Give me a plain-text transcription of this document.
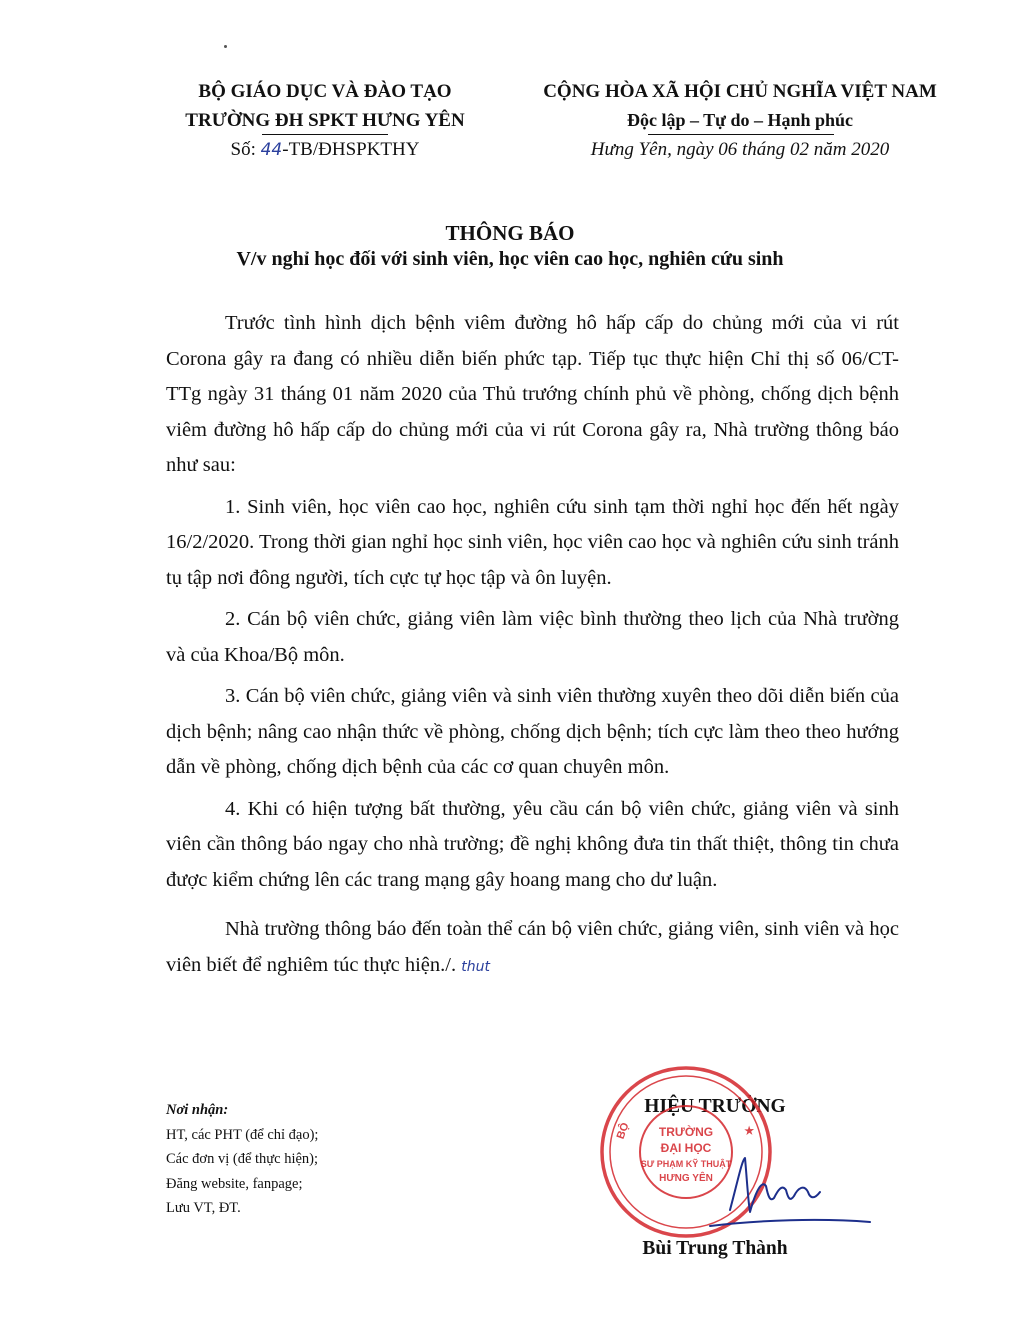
BỘ GIÁO DỤC VÀ ĐÀO TẠO
TRƯỜNG ĐH SPKT HƯNG YÊN
Số: 44-TB/ĐHSPKTHY
CỘNG HÒA XÃ HỘI CHỦ NGHĨA VIỆT NAM
Độc lập – Tự do – Hạnh phúc
Hưng Yên, ngày 06 tháng 02 năm 2020
THÔNG BÁO
V/v nghỉ học đối với sinh viên, học viên cao học, nghiên cứu sinh

Trước tình hình dịch bệnh viêm đường hô hấp cấp do chủng mới của vi rút Corona gây ra đang có nhiều diễn biến phức tạp. Tiếp tục thực hiện Chỉ thị số 06/CT-TTg ngày 31 tháng 01 năm 2020 của Thủ trướng chính phủ về phòng, chống dịch bệnh viêm đường hô hấp cấp do chủng mới của vi rút Corona gây ra, Nhà trường thông báo như sau:

1. Sinh viên, học viên cao học, nghiên cứu sinh tạm thời nghỉ học đến hết ngày 16/2/2020. Trong thời gian nghỉ học sinh viên, học viên cao học và nghiên cứu sinh tránh tụ tập nơi đông người, tích cực tự học tập và ôn luyện.

2. Cán bộ viên chức, giảng viên làm việc bình thường theo lịch của Nhà trường và của Khoa/Bộ môn.

3. Cán bộ viên chức, giảng viên và sinh viên thường xuyên theo dõi diễn biến của dịch bệnh; nâng cao nhận thức về phòng, chống dịch bệnh; tích cực làm theo theo hướng dẫn về phòng, chống dịch bệnh của các cơ quan chuyên môn.

4. Khi có hiện tượng bất thường, yêu cầu cán bộ viên chức, giảng viên và sinh viên cần thông báo ngay cho nhà trường; đề nghị không đưa tin thất thiệt, thông tin chưa được kiểm chứng lên các trang mạng gây hoang mang cho dư luận.

Nhà trường thông báo đến toàn thể cán bộ viên chức, giảng viên, sinh viên và học viên biết để nghiêm túc thực hiện./. thut

Nơi nhận:
HT, các PHT (để chỉ đạo);
Các đơn vị (để thực hiện);
Đăng website, fanpage;
Lưu VT, ĐT.
HIỆU TRƯỞNG
TRƯỜNG
ĐẠI HỌC
SƯ PHẠM KỸ THUẬT
HƯNG YÊN
BỘ	★
Bùi Trung Thành
